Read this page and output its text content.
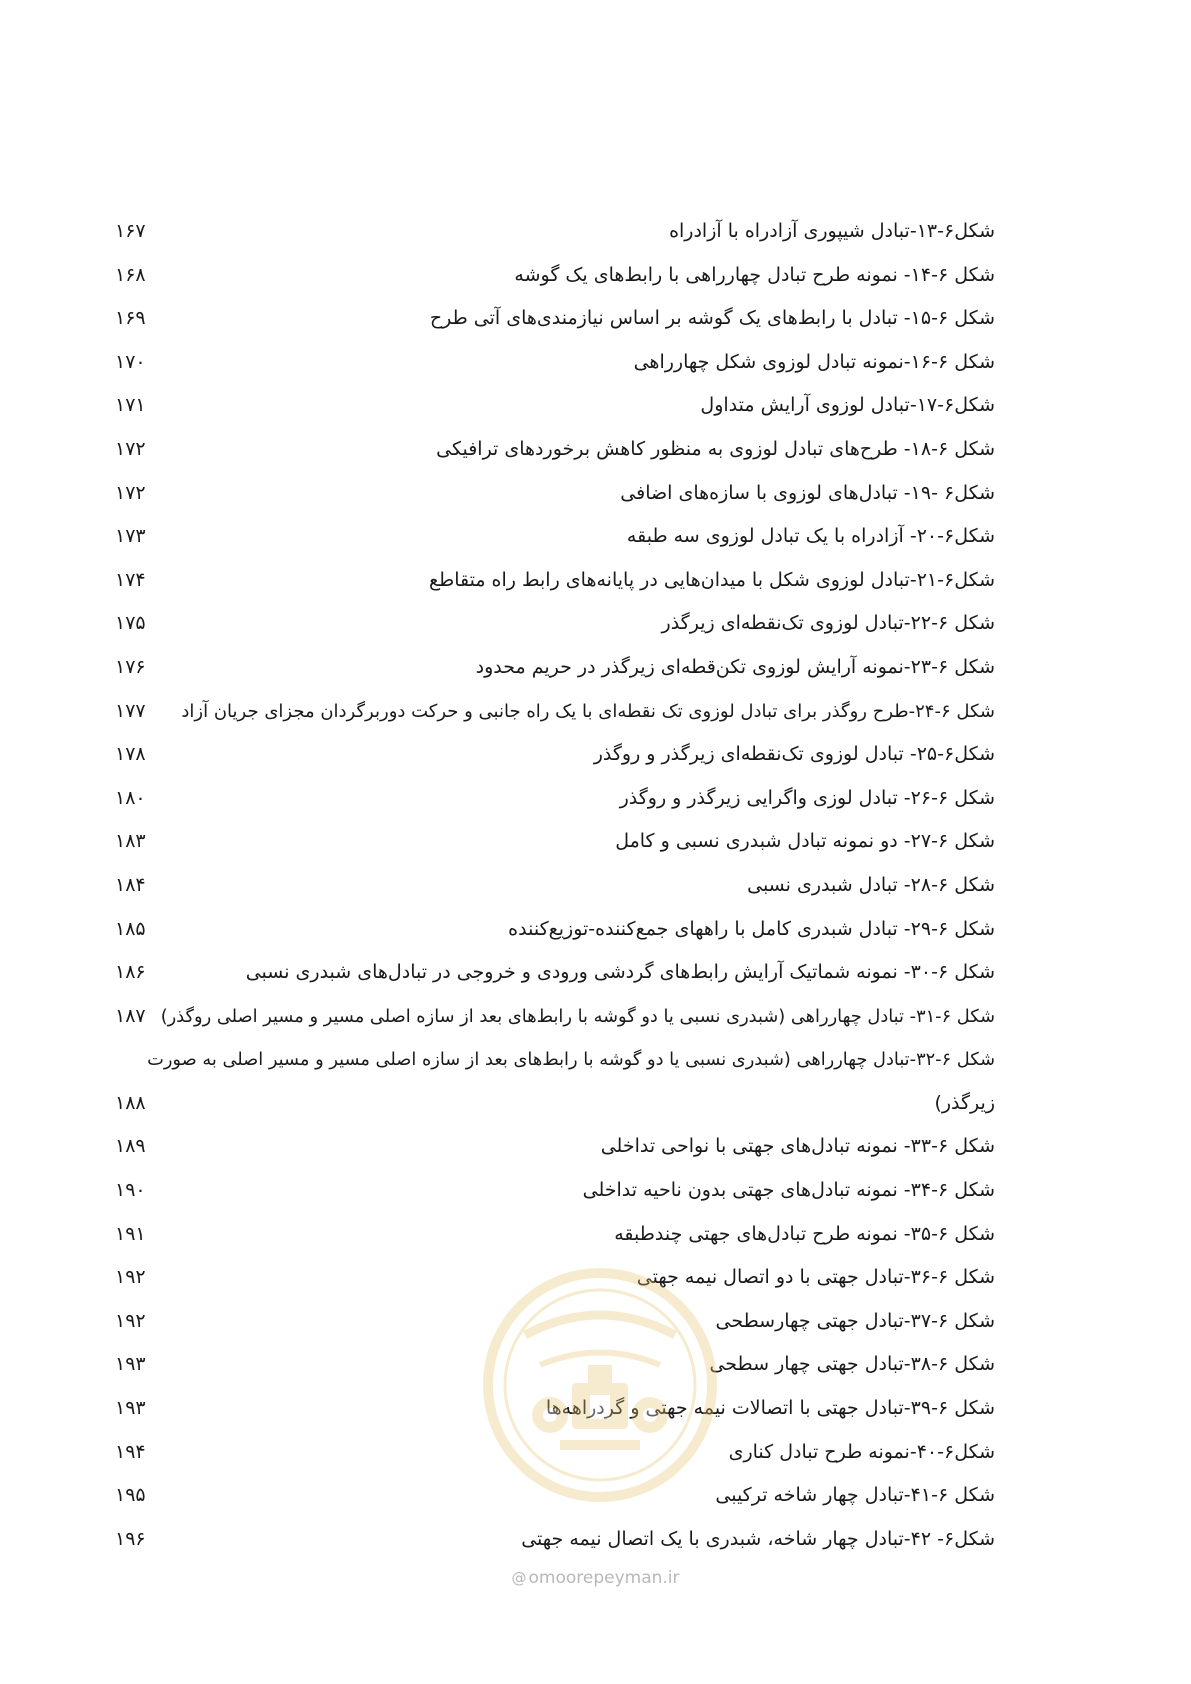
شکل۶-۱۳-تبادل شیپوری آزادراه با آزادراه
۱۶۷
شکل ۶-۱۴- نمونه طرح تبادل چهارراهی با رابط‌های یک گوشه
۱۶۸
شکل ۶-۱۵- تبادل با رابط‌های یک گوشه بر اساس نیازمندی‌های آتی طرح
۱۶۹
شکل ۶-۱۶-نمونه تبادل لوزوی شکل چهارراهی
۱۷۰
شکل۶-۱۷-تبادل لوزوی آرایش متداول
۱۷۱
شکل ۶-۱۸- طرح‌های تبادل لوزوی به منظور کاهش برخوردهای ترافیکی
۱۷۲
شکل۶ -۱۹- تبادل‌های لوزوی با سازه‌های اضافی
۱۷۲
شکل۶-۲۰- آزادراه با یک تبادل لوزوی سه طبقه
۱۷۳
شکل۶-۲۱-تبادل لوزوی شکل با میدان‌هایی در پایانه‌های رابط راه متقاطع
۱۷۴
شکل ۶-۲۲-تبادل لوزوی تک‌نقطه‌ای زیرگذر
۱۷۵
شکل ۶-۲۳-نمونه آرایش لوزوی تکن‌قطه‌ای زیرگذر در حریم محدود
۱۷۶
شکل ۶-۲۴-طرح روگذر برای تبادل لوزوی تک نقطه‌ای با یک راه جانبی و حرکت دوربرگردان مجزای جریان آزاد
۱۷۷
شکل۶-۲۵- تبادل لوزوی تک‌نقطه‌ای زیرگذر و روگذر
۱۷۸
شکل ۶-۲۶- تبادل لوزی واگرایی زیرگذر و روگذر
۱۸۰
شکل ۶-۲۷- دو نمونه تبادل شبدری نسبی و کامل
۱۸۳
شکل ۶-۲۸- تبادل شبدری نسبی
۱۸۴
شکل ۶-۲۹- تبادل شبدری کامل با راههای جمع‌کننده-توزیع‌کننده
۱۸۵
شکل ۶-۳۰- نمونه شماتیک آرایش رابط‌های گردشی ورودی و خروجی در تبادل‌های شبدری نسبی
۱۸۶
شکل ۶-۳۱- تبادل چهارراهی (شبدری نسبی یا دو گوشه با رابط‌های بعد از سازه اصلی مسیر و مسیر اصلی روگذر)
۱۸۷
شکل ۶-۳۲-تبادل چهارراهی (شبدری نسبی یا دو گوشه با رابط‌های بعد از سازه اصلی مسیر و مسیر اصلی به صورت
زیرگذر)
۱۸۸
شکل ۶-۳۳- نمونه تبادل‌های جهتی با نواحی تداخلی
۱۸۹
شکل ۶-۳۴- نمونه تبادل‌های جهتی بدون ناحیه تداخلی
۱۹۰
شکل ۶-۳۵- نمونه طرح تبادل‌های جهتی چندطبقه
۱۹۱
شکل ۶-۳۶-تبادل جهتی با دو اتصال نیمه جهتی
۱۹۲
شکل ۶-۳۷-تبادل جهتی چهارسطحی
۱۹۲
شکل ۶-۳۸-تبادل جهتی چهار سطحی
۱۹۳
شکل ۶-۳۹-تبادل جهتی با اتصالات نیمه جهتی و گردراهه‌ها
۱۹۳
شکل۶-۴۰-نمونه طرح تبادل کناری
۱۹۴
شکل ۶-۴۱-تبادل چهار شاخه ترکیبی
۱۹۵
شکل۶- ۴۲-تبادل چهار شاخه، شبدری با یک اتصال نیمه جهتی
۱۹۶
@ omoorepeyman.ir
